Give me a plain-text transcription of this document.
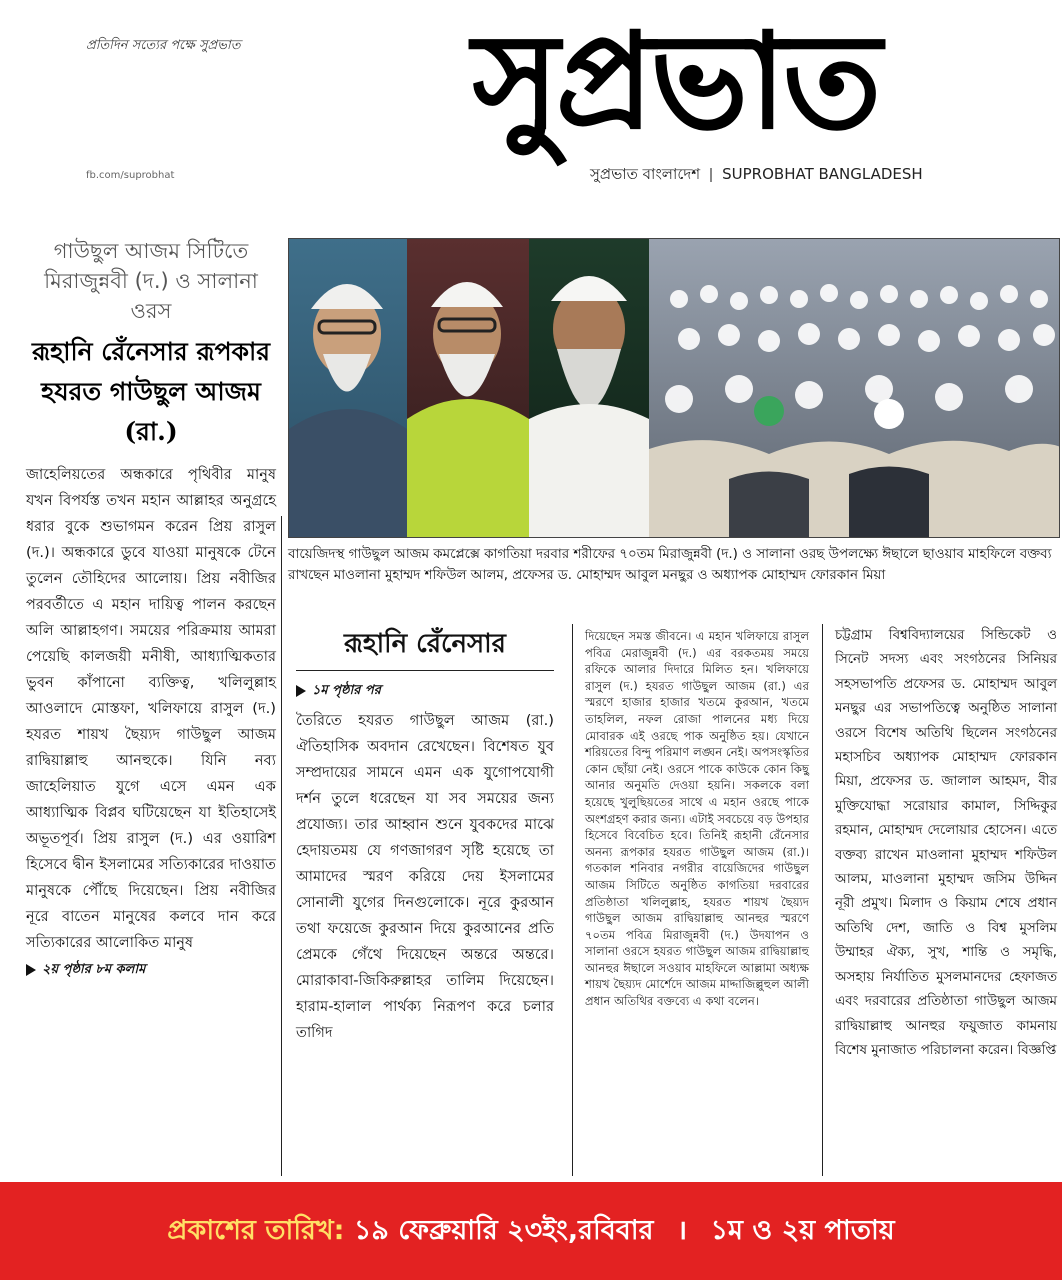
প্রতিদিন সত্যের পক্ষে সুপ্রভাত	সুপ্রভাত
সুপ্রভাত বাংলাদেশ SUPROBHAT BANGLADESH
fb.com/suprobhat
গাউছুল আজম সিটিতে মিরাজুন্নবী (দ.) ও সালানা ওরস
রূহানি রেঁনেসার রূপকার হযরত গাউছুল আজম (রা.)
জাহেলিয়তের অন্ধকারে পৃথিবীর মানুষ যখন বিপর্যস্ত তখন মহান আল্লাহর অনুগ্রহে ধরার বুকে শুভাগমন করেন প্রিয় রাসুল (দ.)। অন্ধকারে ডুবে যাওয়া মানুষকে টেনে তুলেন তৌহিদের আলোয়। প্রিয় নবীজির পরবর্তীতে এ মহান দায়িত্ব পালন করছেন অলি আল্লাহগণ। সময়ের পরিক্রমায় আমরা পেয়েছি কালজয়ী মনীষী, আধ্যাত্মিকতার ভুবন কাঁপানো ব্যক্তিত্ব, খলিলুল্লাহ আওলাদে মোস্তফা, খলিফায়ে রাসুল (দ.) হযরত শায়খ ছৈয়্যদ গাউছুল আজম রাদ্বিয়াল্লাহু আনহুকে। যিনি নব্য জাহেলিয়াত যুগে এসে এমন এক আধ্যাত্মিক বিপ্লব ঘটিয়েছেন যা ইতিহাসেই অভূতপূর্ব। প্রিয় রাসুল (দ.) এর ওয়ারিশ হিসেবে দ্বীন ইসলামের সত্যিকারের দাওয়াত মানুষকে পৌঁছে দিয়েছেন। প্রিয় নবীজির নূরে বাতেন মানুষের কলবে দান করে সত্যিকারের আলোকিত মানুষ
২য় পৃষ্ঠার ৮ম কলাম
বায়েজিদস্থ গাউছুল আজম কমপ্লেক্সে কাগতিয়া দরবার শরীফের ৭০তম মিরাজুন্নবী (দ.) ও সালানা ওরছ উপলক্ষ্যে ঈছালে ছাওয়াব মাহফিলে বক্তব্য রাখছেন মাওলানা মুহাম্মদ শফিউল আলম, প্রফেসর ড. মোহাম্মদ আবুল মনছুর ও অধ্যাপক মোহাম্মদ ফোরকান মিয়া
রূহানি রেঁনেসার
১ম পৃষ্ঠার পর
তৈরিতে হযরত গাউছুল আজম (রা.) ঐতিহাসিক অবদান রেখেছেন। বিশেষত যুব সম্প্রদায়ের সামনে এমন এক যুগোপযোগী দর্শন তুলে ধরেছেন যা সব সময়ের জন্য প্রযোজ্য। তার আহ্বান শুনে যুবকদের মাঝে হেদায়তময় যে গণজাগরণ সৃষ্টি হয়েছে তা আমাদের স্মরণ করিয়ে দেয় ইসলামের সোনালী যুগের দিনগুলোকে। নূরে কুরআন তথা ফয়েজে কুরআন দিয়ে কুরআনের প্রতি প্রেমকে গেঁথে দিয়েছেন অন্তরে অন্তরে। মোরাকাবা-জিকিরুল্লাহর তালিম দিয়েছেন। হারাম-হালাল পার্থক্য নিরূপণ করে চলার তাগিদ
দিয়েছেন সমস্ত জীবনে। এ মহান খলিফায়ে রাসুল পবিত্র মেরাজুন্নবী (দ.) এর বরকতময় সময়ে রফিকে আলার দিদারে মিলিত হন। খলিফায়ে রাসুল (দ.) হযরত গাউছুল আজম (রা.) এর স্মরণে হাজার হাজার খতমে কুরআন, খতমে তাহলিল, নফল রোজা পালনের মধ্য দিয়ে মোবারক এই ওরছে পাক অনুষ্ঠিত হয়। যেখানে শরিয়তের বিন্দু পরিমাণ লঙ্ঘন নেই। অপসংস্কৃতির কোন ছোঁয়া নেই। ওরসে পাকে কাউকে কোন কিছু আনার অনুমতি দেওয়া হয়নি। সকলকে বলা হয়েছে খুলুছিয়তের সাথে এ মহান ওরছে পাকে অংশগ্রহণ করার জন্য। এটাই সবচেয়ে বড় উপহার হিসেবে বিবেচিত হবে। তিনিই রূহানী রেঁনেসার অনন্য রূপকার হযরত গাউছুল আজম (রা.)। গতকাল শনিবার নগরীর বায়েজিদের গাউছুল আজম সিটিতে অনুষ্ঠিত কাগতিয়া দরবারের প্রতিষ্ঠাতা খলিলুল্লাহ, হযরত শায়খ ছৈয়্যদ গাউছুল আজম রাদ্বিয়াল্লাহু আনহুর স্মরণে ৭০তম পবিত্র মিরাজুন্নবী (দ.) উদযাপন ও সালানা ওরসে হযরত গাউছুল আজম রাদ্বিয়াল্লাহু আনহুর ঈছালে সওয়াব মাহফিলে আল্লামা অধ্যক্ষ শায়খ ছৈয়্যদ মোর্শেদে আজম মাদ্দাজিল্লুহুল আলী প্রধান অতিথির বক্তব্যে এ কথা বলেন।
চট্টগ্রাম বিশ্ববিদ্যালয়ের সিন্ডিকেট ও সিনেট সদস্য এবং সংগঠনের সিনিয়র সহসভাপতি প্রফেসর ড. মোহাম্মদ আবুল মনছুর এর সভাপতিত্বে অনুষ্ঠিত সালানা ওরসে বিশেষ অতিথি ছিলেন সংগঠনের মহাসচিব অধ্যাপক মোহাম্মদ ফোরকান মিয়া, প্রফেসর ড. জালাল আহমদ, বীর মুক্তিযোদ্ধা সরোয়ার কামাল, সিদ্দিকুর রহমান, মোহাম্মদ দেলোয়ার হোসেন। এতে বক্তব্য রাখেন মাওলানা মুহাম্মদ শফিউল আলম, মাওলানা মুহাম্মদ জসিম উদ্দিন নূরী প্রমুখ। মিলাদ ও কিয়াম শেষে প্রধান অতিথি দেশ, জাতি ও বিশ্ব মুসলিম উম্মাহর ঐক্য, সুখ, শান্তি ও সমৃদ্ধি, অসহায় নির্যাতিত মুসলমানদের হেফাজত এবং দরবারের প্রতিষ্ঠাতা গাউছুল আজম রাদ্বিয়াল্লাহু আনহুর ফয়ুজাত কামনায় বিশেষ মুনাজাত পরিচালনা করেন। বিজ্ঞপ্তি
প্রকাশের তারিখ: ১৯ ফেব্রুয়ারি ২৩ইং,রবিবার । ১ম ও ২য় পাতায়
